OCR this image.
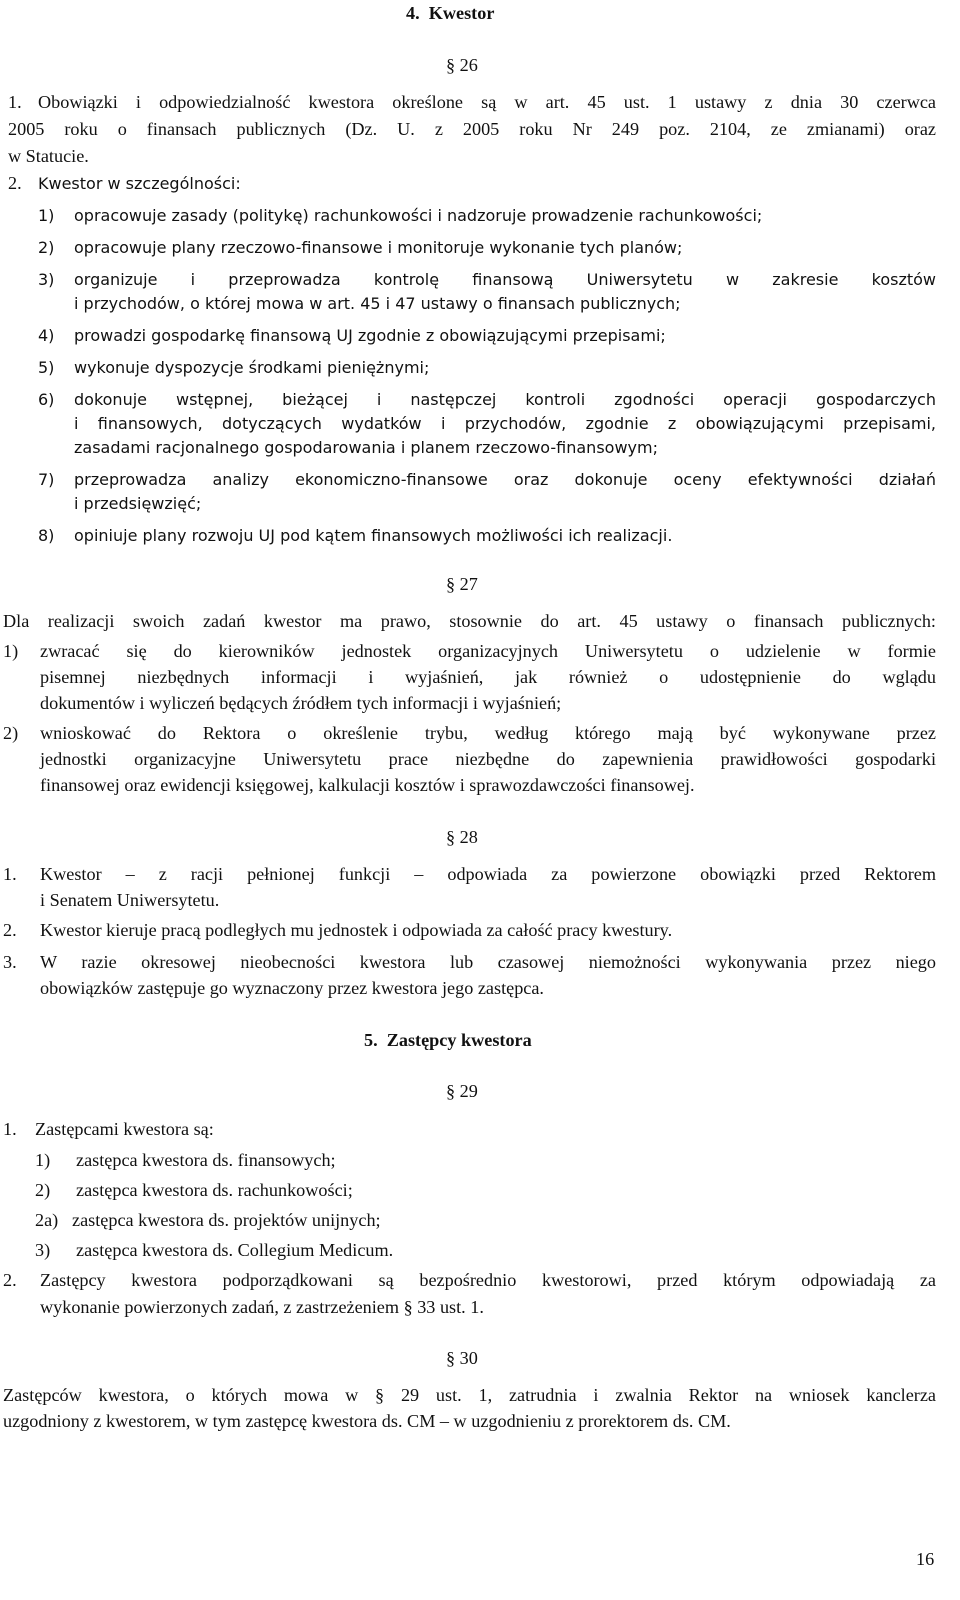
4.  Kwestor
§ 26
1. Obowiązki i odpowiedzialność kwestora określone są w art. 45 ust. 1 ustawy z dnia 30 czerwca
2005 roku o finansach publicznych (Dz. U. z 2005 roku Nr 249 poz. 2104, ze zmianami) oraz
w Statucie.
2. Kwestor w szczególności:
1) opracowuje zasady (politykę) rachunkowości i nadzoruje prowadzenie rachunkowości;
2) opracowuje plany rzeczowo-finansowe i monitoruje wykonanie tych planów;
3) organizuje i przeprowadza kontrolę finansową Uniwersytetu w zakresie kosztów
i przychodów, o której mowa w art. 45 i 47 ustawy o finansach publicznych;
4) prowadzi gospodarkę finansową UJ zgodnie z obowiązującymi przepisami;
5) wykonuje dyspozycje środkami pieniężnymi;
6) dokonuje wstępnej, bieżącej i następczej kontroli zgodności operacji gospodarczych
i finansowych, dotyczących wydatków i przychodów, zgodnie z obowiązującymi przepisami,
zasadami racjonalnego gospodarowania i planem rzeczowo-finansowym;
7) przeprowadza analizy ekonomiczno-finansowe oraz dokonuje oceny efektywności działań
i przedsięwzięć;
8) opiniuje plany rozwoju UJ pod kątem finansowych możliwości ich realizacji.
§ 27
Dla realizacji swoich zadań kwestor ma prawo, stosownie do art. 45 ustawy o finansach publicznych:
1) zwracać się do kierowników jednostek organizacyjnych Uniwersytetu o udzielenie w formie
pisemnej niezbędnych informacji i wyjaśnień, jak również o udostępnienie do wglądu
dokumentów i wyliczeń będących źródłem tych informacji i wyjaśnień;
2) wnioskować do Rektora o określenie trybu, według którego mają być wykonywane przez
jednostki organizacyjne Uniwersytetu prace niezbędne do zapewnienia prawidłowości gospodarki
finansowej oraz ewidencji księgowej, kalkulacji kosztów i sprawozdawczości finansowej.
§ 28
1. Kwestor – z racji pełnionej funkcji – odpowiada za powierzone obowiązki przed Rektorem
i Senatem Uniwersytetu.
2. Kwestor kieruje pracą podległych mu jednostek i odpowiada za całość pracy kwestury.
3. W razie okresowej nieobecności kwestora lub czasowej niemożności wykonywania przez niego
obowiązków zastępuje go wyznaczony przez kwestora jego zastępca.
5.  Zastępcy kwestora
§ 29
1. Zastępcami kwestora są:
1) zastępca kwestora ds. finansowych;
2) zastępca kwestora ds. rachunkowości;
2a) zastępca kwestora ds. projektów unijnych;
3) zastępca kwestora ds. Collegium Medicum.
2. Zastępcy kwestora podporządkowani są bezpośrednio kwestorowi, przed którym odpowiadają za
wykonanie powierzonych zadań, z zastrzeżeniem § 33 ust. 1.
§ 30
Zastępców kwestora, o których mowa w § 29 ust. 1, zatrudnia i zwalnia Rektor na wniosek kanclerza
uzgodniony z kwestorem, w tym zastępcę kwestora ds. CM – w uzgodnieniu z prorektorem ds. CM.
16
